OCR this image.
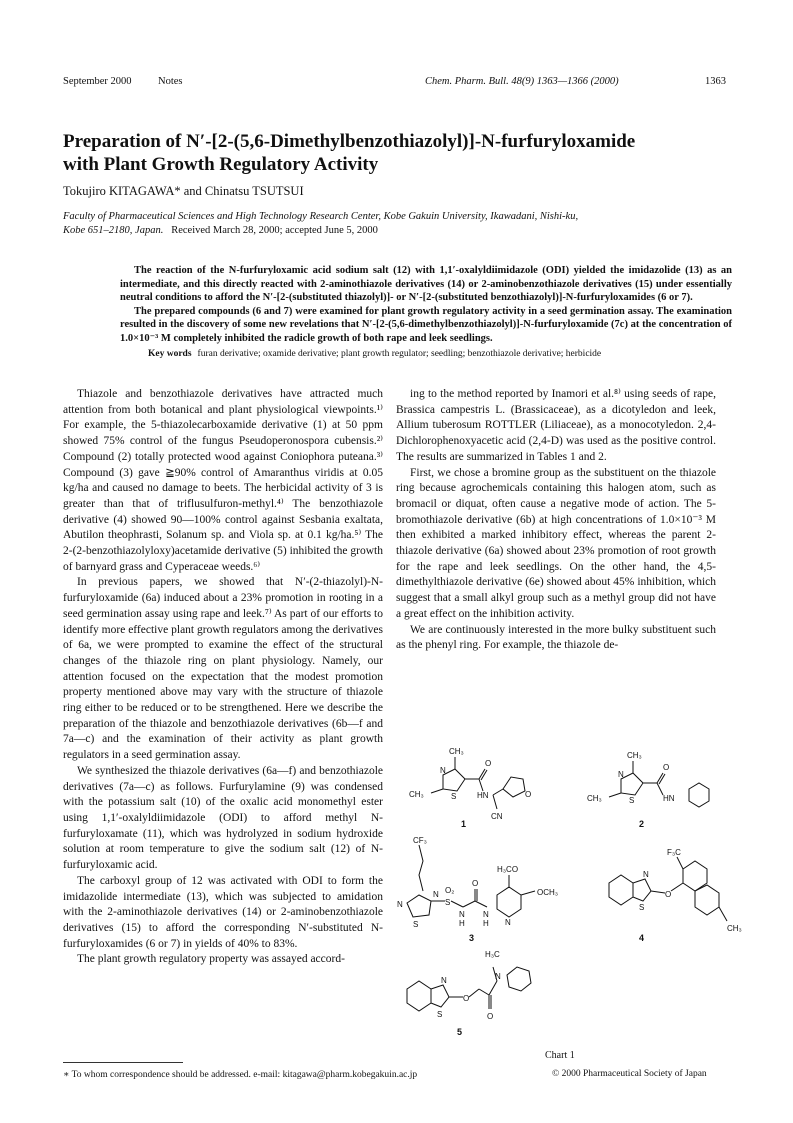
September 2000	Notes	Chem. Pharm. Bull. 48(9) 1363—1366 (2000)	1363
Preparation of N′-[2-(5,6-Dimethylbenzothiazolyl)]-N-furfuryloxamide
with Plant Growth Regulatory Activity
Tokujiro KITAGAWA* and Chinatsu TSUTSUI
Faculty of Pharmaceutical Sciences and High Technology Research Center, Kobe Gakuin University, Ikawadani, Nishi-ku,
Kobe 651–2180, Japan. Received March 28, 2000; accepted June 5, 2000

The reaction of the N-furfuryloxamic acid sodium salt (12) with 1,1′-oxalyldiimidazole (ODI) yielded the imidazolide (13) as an intermediate, and this directly reacted with 2-aminothiazole derivatives (14) or 2-aminobenzothiazole derivatives (15) under essentially neutral conditions to afford the N′-[2-(substituted thiazolyl)]- or N′-[2-(substituted benzothiazolyl)]-N-furfuryloxamides (6 or 7).

The prepared compounds (6 and 7) were examined for plant growth regulatory activity in a seed germination assay. The examination resulted in the discovery of some new revelations that N′-[2-(5,6-dimethylbenzothiazolyl)]-N-furfuryloxamide (7c) at the concentration of 1.0×10⁻³ M completely inhibited the radicle growth of both rape and leek seedlings.

Key words furan derivative; oxamide derivative; plant growth regulator; seedling; benzothiazole derivative; herbicide

Thiazole and benzothiazole derivatives have attracted much attention from both botanical and plant physiological viewpoints.¹⁾ For example, the 5-thiazolecarboxamide derivative (1) at 50 ppm showed 75% control of the fungus Pseudoperonospora cubensis.²⁾ Compound (2) totally protected wood against Coniophora puteana.³⁾ Compound (3) gave ≧90% control of Amaranthus viridis at 0.05 kg/ha and caused no damage to beets. The herbicidal activity of 3 is greater than that of triflusulfuron-methyl.⁴⁾ The benzothiazole derivative (4) showed 90—100% control against Sesbania exaltata, Abutilon theophrasti, Solanum sp. and Viola sp. at 0.1 kg/ha.⁵⁾ The 2-(2-benzothiazolyloxy)acetamide derivative (5) inhibited the growth of barnyard grass and Cyperaceae weeds.⁶⁾

In previous papers, we showed that N′-(2-thiazolyl)-N-furfuryloxamide (6a) induced about a 23% promotion in rooting in a seed germination assay using rape and leek.⁷⁾ As part of our efforts to identify more effective plant growth regulators among the derivatives of 6a, we were prompted to examine the effect of the structural changes of the thiazole ring on plant physiology. Namely, our attention focused on the expectation that the modest promotion property mentioned above may vary with the structure of thiazole ring either to be reduced or to be strengthened. Here we describe the preparation of the thiazole and benzothiazole derivatives (6b—f and 7a—c) and the examination of their activity as plant growth regulators in a seed germination assay.

We synthesized the thiazole derivatives (6a—f) and benzothiazole derivatives (7a—c) as follows. Furfurylamine (9) was condensed with the potassium salt (10) of the oxalic acid monomethyl ester using 1,1′-oxalyldiimidazole (ODI) to afford methyl N-furfuryloxamate (11), which was hydrolyzed in sodium hydroxide solution at room temperature to give the sodium salt (12) of N-furfuryloxamic acid.

The carboxyl group of 12 was activated with ODI to form the imidazolide intermediate (13), which was subjected to amidation with the 2-aminothiazole derivatives (14) or 2-aminobenzothiazole derivatives (15) to afford the corresponding N′-substituted N-furfuryloxamides (6 or 7) in yields of 40% to 83%.

The plant growth regulatory property was assayed accord-

ing to the method reported by Inamori et al.⁸⁾ using seeds of rape, Brassica campestris L. (Brassicaceae), as a dicotyledon and leek, Allium tuberosum ROTTLER (Liliaceae), as a monocotyledon. 2,4-Dichlorophenoxyacetic acid (2,4-D) was used as the positive control. The results are summarized in Tables 1 and 2.

First, we chose a bromine group as the substituent on the thiazole ring because agrochemicals containing this halogen atom, such as bromacil or diquat, often cause a negative mode of action. The 5-bromothiazole derivative (6b) at high concentrations of 1.0×10⁻³ M then exhibited a marked inhibitory effect, whereas the parent 2-thiazole derivative (6a) showed about 23% promotion of root growth for the rape and leek seedlings. On the other hand, the 4,5-dimethylthiazole derivative (6e) showed about 45% inhibition, which suggest that a small alkyl group such as a methyl group did not have a great effect on the inhibition activity.

We are continuously interested in the more bulky substituent such as the phenyl ring. For example, the thiazole de-

CH₃
CH₃
N
S
O
HN	O
CN
CH₃
CH₃
N
S
O
HN
CF₃
N
S
N O₂
S
N
H
O
N
H
H₃CO
OCH₃
N
F₃C
N
S
O
CH₃
H₃C
N
N
S
O
O
1	2
3	4
5
Chart 1
∗ To whom correspondence should be addressed. e-mail: kitagawa@pharm.kobegakuin.ac.jp	© 2000 Pharmaceutical Society of Japan
